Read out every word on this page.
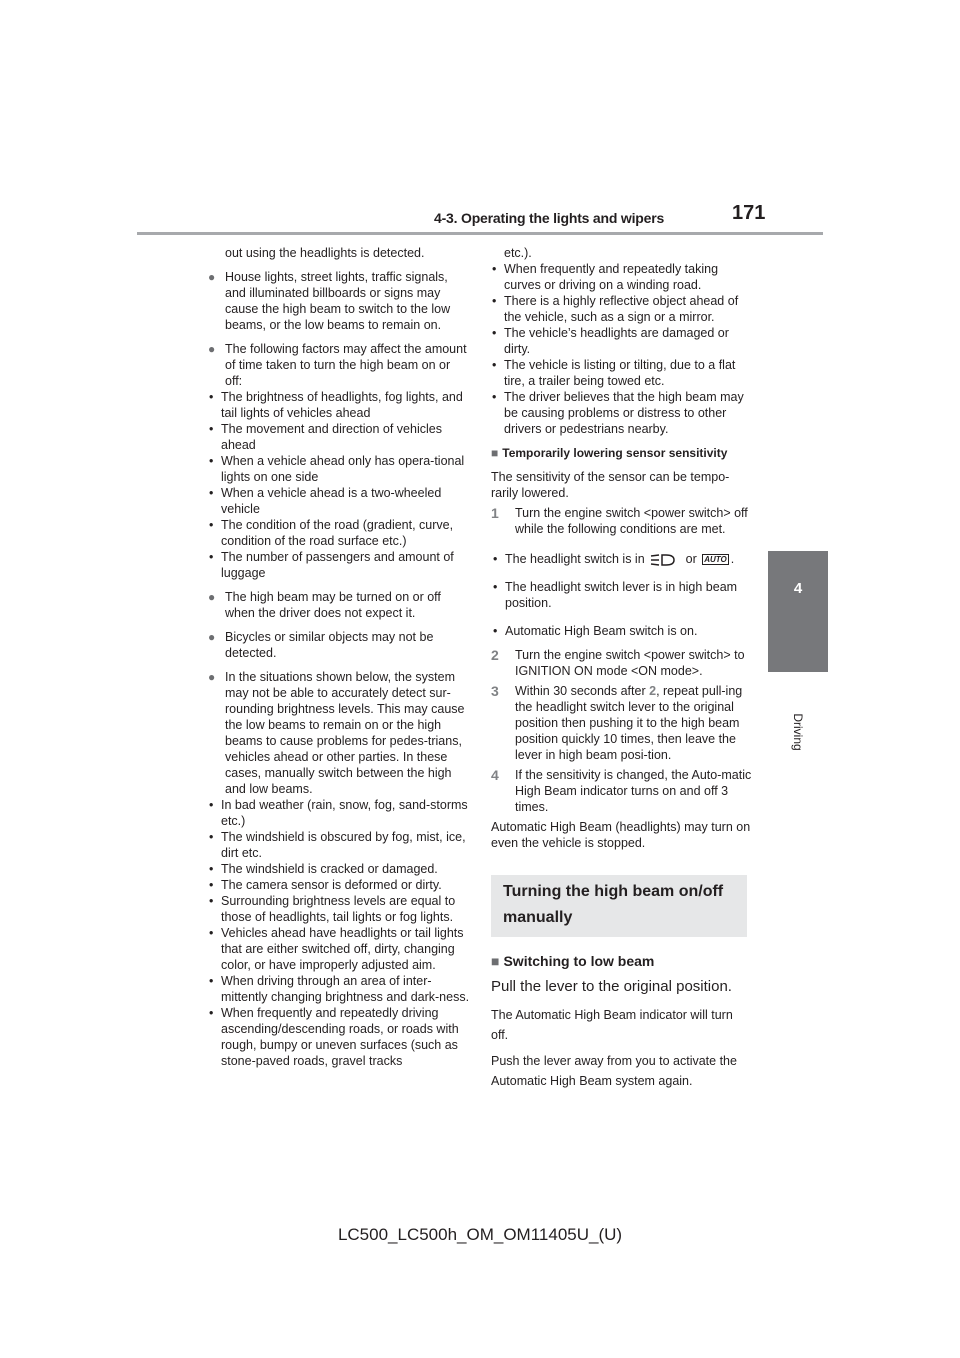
4-3. Operating the lights and wipers	171
4
Driving

out using the headlights is detected.

● House lights, street lights, traffic signals, and illuminated billboards or signs may cause the high beam to switch to the low beams, or the low beams to remain on.
● The following factors may affect the amount of time taken to turn the high beam on or off:
• The brightness of headlights, fog lights, and tail lights of vehicles ahead
• The movement and direction of vehicles ahead
• When a vehicle ahead only has opera-tional lights on one side
• When a vehicle ahead is a two-wheeled vehicle
• The condition of the road (gradient, curve, condition of the road surface etc.)
• The number of passengers and amount of luggage
● The high beam may be turned on or off when the driver does not expect it.
● Bicycles or similar objects may not be detected.
● In the situations shown below, the system may not be able to accurately detect sur-rounding brightness levels. This may cause the low beams to remain on or the high beams to cause problems for pedes-trians, vehicles ahead or other parties. In these cases, manually switch between the high and low beams.
• In bad weather (rain, snow, fog, sand-storms etc.)
• The windshield is obscured by fog, mist, ice, dirt etc.
• The windshield is cracked or damaged.
• The camera sensor is deformed or dirty.
• Surrounding brightness levels are equal to those of headlights, tail lights or fog lights.
• Vehicles ahead have headlights or tail lights that are either switched off, dirty, changing color, or have improperly adjusted aim.
• When driving through an area of inter-mittently changing brightness and dark-ness.
• When frequently and repeatedly driving ascending/descending roads, or roads with rough, bumpy or uneven surfaces (such as stone-paved roads, gravel tracks

etc.).

• When frequently and repeatedly taking curves or driving on a winding road.
• There is a highly reflective object ahead of the vehicle, such as a sign or a mirror.
• The vehicle’s headlights are damaged or dirty.
• The vehicle is listing or tilting, due to a flat tire, a trailer being towed etc.
• The driver believes that the high beam may be causing problems or distress to other drivers or pedestrians nearby.
■ Temporarily lowering sensor sensitivity

The sensitivity of the sensor can be tempo-rarily lowered.

1 Turn the engine switch <power switch> off while the following conditions are met.
• The headlight switch is in	or AUTO .
• The headlight switch lever is in high beam position.
• Automatic High Beam switch is on.
2 Turn the engine switch <power switch> to IGNITION ON mode <ON mode>.
3 Within 30 seconds after 2, repeat pull-ing the headlight switch lever to the original position then pushing it to the high beam position quickly 10 times, then leave the lever in high beam posi-tion.
4 If the sensitivity is changed, the Auto-matic High Beam indicator turns on and off 3 times.

Automatic High Beam (headlights) may turn on even the vehicle is stopped.

Turning the high beam on/off manually
■ Switching to low beam

Pull the lever to the original position.

The Automatic High Beam indicator will turn off.

Push the lever away from you to activate the Automatic High Beam system again.

LC500_LC500h_OM_OM11405U_(U)
